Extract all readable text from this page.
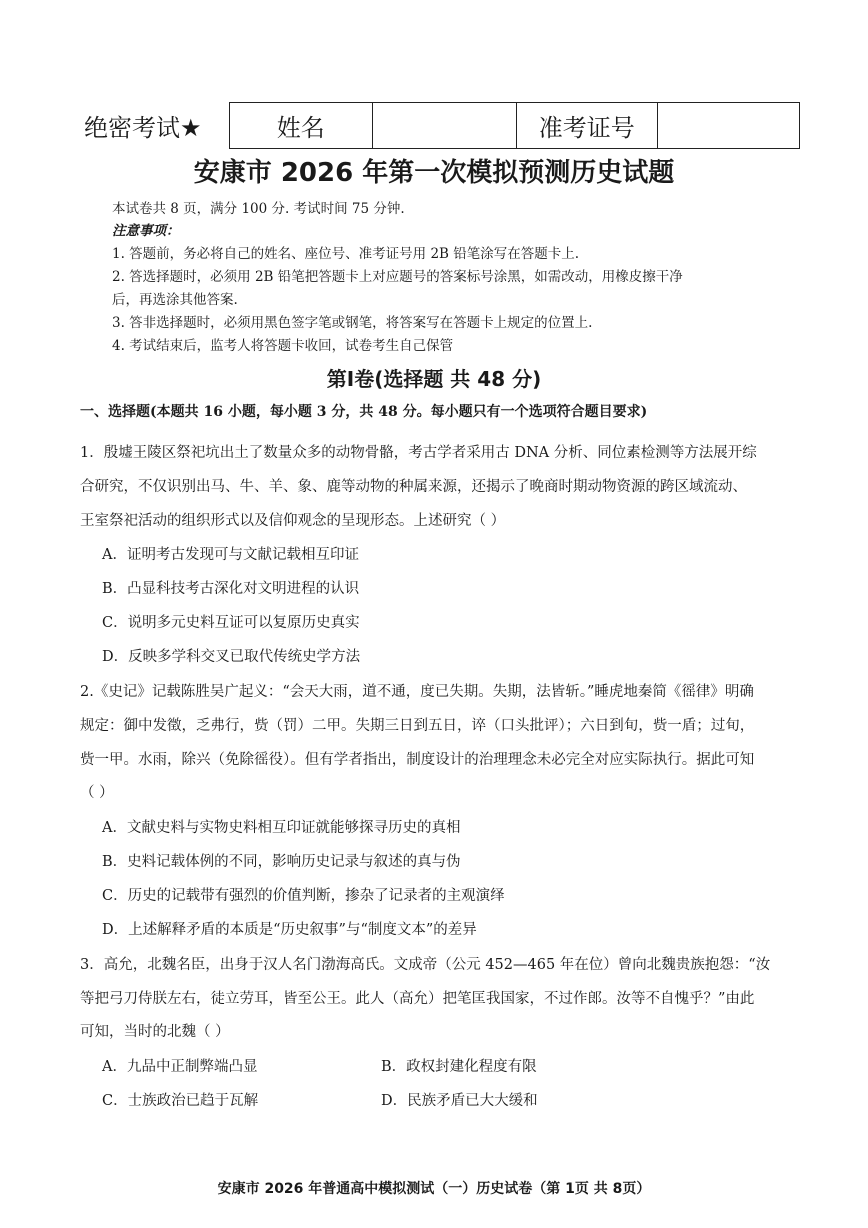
绝密考试★	姓名	准考证号
安康市 2026 年第一次模拟预测历史试题
本试卷共 8 页，满分 100 分. 考试时间 75 分钟.
注意事项：
1. 答题前，务必将自己的姓名、座位号、准考证号用 2B 铅笔涂写在答题卡上.
2. 答选择题时，必须用 2B 铅笔把答题卡上对应题号的答案标号涂黑，如需改动，用橡皮擦干净
后，再选涂其他答案.
3. 答非选择题时，必须用黑色签字笔或钢笔，将答案写在答题卡上规定的位置上.
4. 考试结束后，监考人将答题卡收回，试卷考生自己保管
第Ⅰ卷(选择题 共 48 分)
一、选择题(本题共 16 小题，每小题 3 分，共 48 分。每小题只有一个选项符合题目要求)
1．殷墟王陵区祭祀坑出土了数量众多的动物骨骼，考古学者采用古 DNA 分析、同位素检测等方法展开综
合研究，不仅识别出马、牛、羊、象、鹿等动物的种属来源，还揭示了晚商时期动物资源的跨区域流动、
王室祭祀活动的组织形式以及信仰观念的呈现形态。上述研究（ ）
A．证明考古发现可与文献记载相互印证
B．凸显科技考古深化对文明进程的认识
C．说明多元史料互证可以复原历史真实
D．反映多学科交叉已取代传统史学方法
2.《史记》记载陈胜吴广起义：“会天大雨，道不通，度已失期。失期，法皆斩。”睡虎地秦简《徭律》明确
规定：御中发徵，乏弗行，赀（罚）二甲。失期三日到五日，谇（口头批评）；六日到旬，赀一盾；过旬，
赀一甲。水雨，除兴（免除徭役）。但有学者指出，制度设计的治理理念未必完全对应实际执行。据此可知
（ ）
A．文献史料与实物史料相互印证就能够探寻历史的真相
B．史料记载体例的不同，影响历史记录与叙述的真与伪
C．历史的记载带有强烈的价值判断，掺杂了记录者的主观演绎
D．上述解释矛盾的本质是“历史叙事”与“制度文本”的差异
3．高允，北魏名臣，出身于汉人名门渤海高氏。文成帝（公元 452—465 年在位）曾向北魏贵族抱怨：“汝
等把弓刀侍朕左右，徒立劳耳，皆至公王。此人（高允）把笔匡我国家，不过作郎。汝等不自愧乎？”由此
可知，当时的北魏（ ）
A．九品中正制弊端凸显	B．政权封建化程度有限
C．士族政治已趋于瓦解	D．民族矛盾已大大缓和
安康市 2026 年普通高中模拟测试（一）历史试卷（第 1页 共 8页）
